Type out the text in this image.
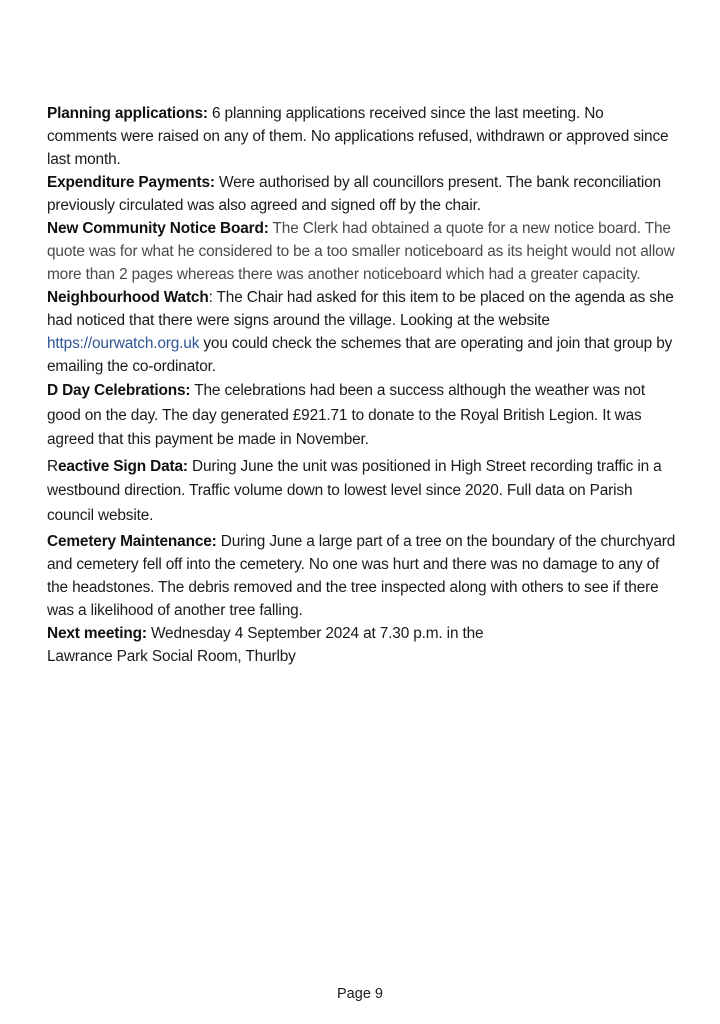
Planning applications: 6 planning applications received since the last meeting. No comments were raised on any of them. No applications refused, withdrawn or approved since last month.

Expenditure Payments: Were authorised by all councillors present. The bank reconciliation previously circulated was also agreed and signed off by the chair.

New Community Notice Board: The Clerk had obtained a quote for a new notice board. The quote was for what he considered to be a too smaller noticeboard as its height would not allow more than 2 pages whereas there was another noticeboard which had a greater capacity.

Neighbourhood Watch: The Chair had asked for this item to be placed on the agenda as she had noticed that there were signs around the village. Looking at the website https://ourwatch.org.uk you could check the schemes that are operating and join that group by emailing the co-ordinator.

D Day Celebrations: The celebrations had been a success although the weather was not good on the day. The day generated £921.71 to donate to the Royal British Legion. It was agreed that this payment be made in November.

Reactive Sign Data: During June the unit was positioned in High Street recording traffic in a westbound direction. Traffic volume down to lowest level since 2020. Full data on Parish council website.

Cemetery Maintenance: During June a large part of a tree on the boundary of the churchyard and cemetery fell off into the cemetery. No one was hurt and there was no damage to any of the headstones. The debris removed and the tree inspected along with others to see if there was a likelihood of another tree falling.

Next meeting: Wednesday 4 September 2024 at 7.30 p.m. in the
Lawrance Park Social Room, Thurlby

Page 9
